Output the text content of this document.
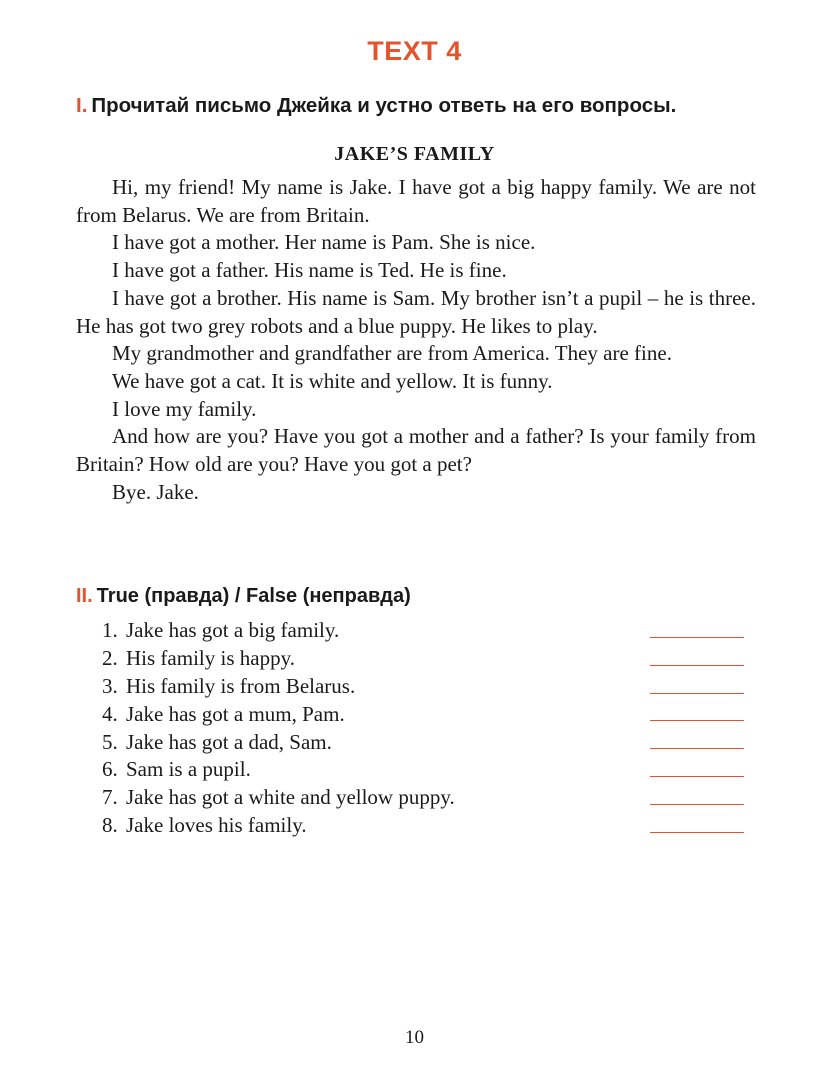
TEXT 4
I. Прочитай письмо Джейка и устно ответь на его вопросы.
JAKE’S FAMILY

Hi, my friend! My name is Jake. I have got a big happy family. We are not from Belarus. We are from Britain.

I have got a mother. Her name is Pam. She is nice.

I have got a father. His name is Ted. He is fine.

I have got a brother. His name is Sam. My brother isn’t a pupil – he is three. He has got two grey robots and a blue puppy. He likes to play.

My grandmother and grandfather are from America. They are fine.

We have got a cat. It is white and yellow. It is funny.

I love my family.

And how are you? Have you got a mother and a father? Is your family from Britain? How old are you? Have you got a pet?

Bye. Jake.

II. True (правда) / False (неправда)
1. Jake has got a big family.
2. His family is happy.
3. His family is from Belarus.
4. Jake has got a mum, Pam.
5. Jake has got a dad, Sam.
6. Sam is a pupil.
7. Jake has got a white and yellow puppy.
8. Jake loves his family.
10
